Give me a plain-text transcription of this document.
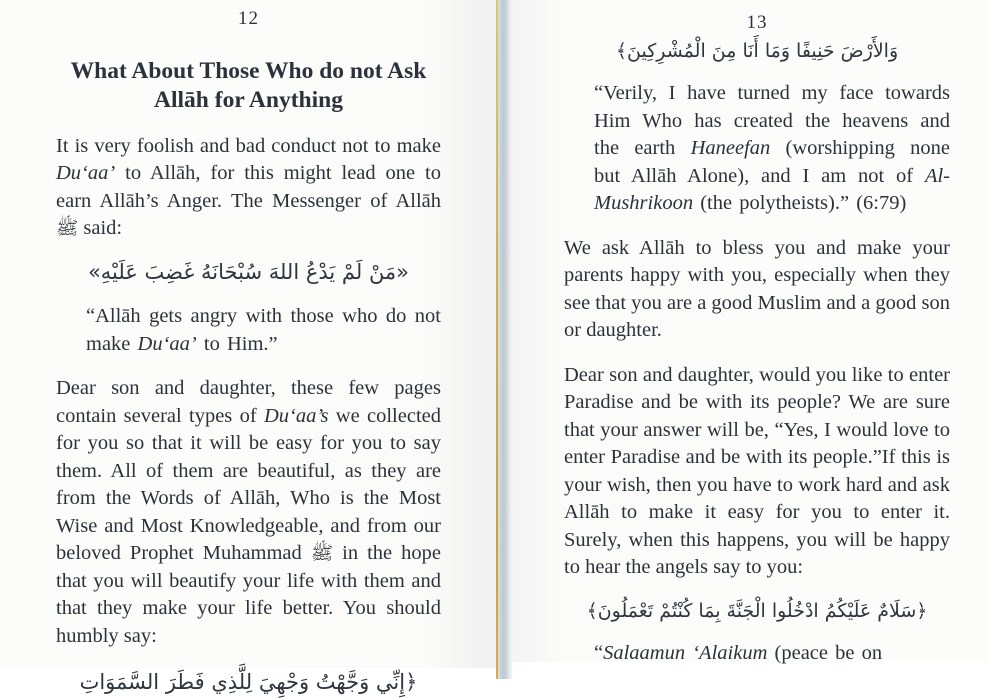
12
What About Those Who do not Ask
Allāh for Anything

It is very foolish and bad conduct not to make Du‘aa’ to Allāh, for this might lead one to earn Allāh’s Anger. The Messenger of Allāh ﷺ said:

«مَنْ لَمْ يَدْعُ اللهَ سُبْحَانَهُ غَضِبَ عَلَيْهِ»

“Allāh gets angry with those who do not make Du‘aa’ to Him.”

Dear son and daughter, these few pages contain several types of Du‘aa’s we collected for you so that it will be easy for you to say them. All of them are beautiful, as they are from the Words of Allāh, Who is the Most Wise and Most Knowledgeable, and from our beloved Prophet Muhammad ﷺ in the hope that you will beautify your life with them and that they make your life better. You should humbly say:

﴿إِنِّي وَجَّهْتُ وَجْهِيَ لِلَّذِي فَطَرَ السَّمَوَاتِ
13
وَالأَرْضَ حَنِيفًا وَمَا أَنَا مِنَ الْمُشْرِكِينَ﴾

“Verily, I have turned my face towards Him Who has created the heavens and the earth Haneefan (worshipping none but Allāh Alone), and I am not of Al-Mushrikoon (the polytheists).” (6:79)

We ask Allāh to bless you and make your parents happy with you, especially when they see that you are a good Muslim and a good son or daughter.

Dear son and daughter, would you like to enter Paradise and be with its people? We are sure that your answer will be, “Yes, I would love to enter Paradise and be with its people.”If this is your wish, then you have to work hard and ask Allāh to make it easy for you to enter it. Surely, when this happens, you will be happy to hear the angels say to you:

﴿سَلَامٌ عَلَيْكُمُ ادْخُلُوا الْجَنَّةَ بِمَا كُنْتُمْ تَعْمَلُونَ﴾

“Salaamun ‘Alaikum (peace be on
